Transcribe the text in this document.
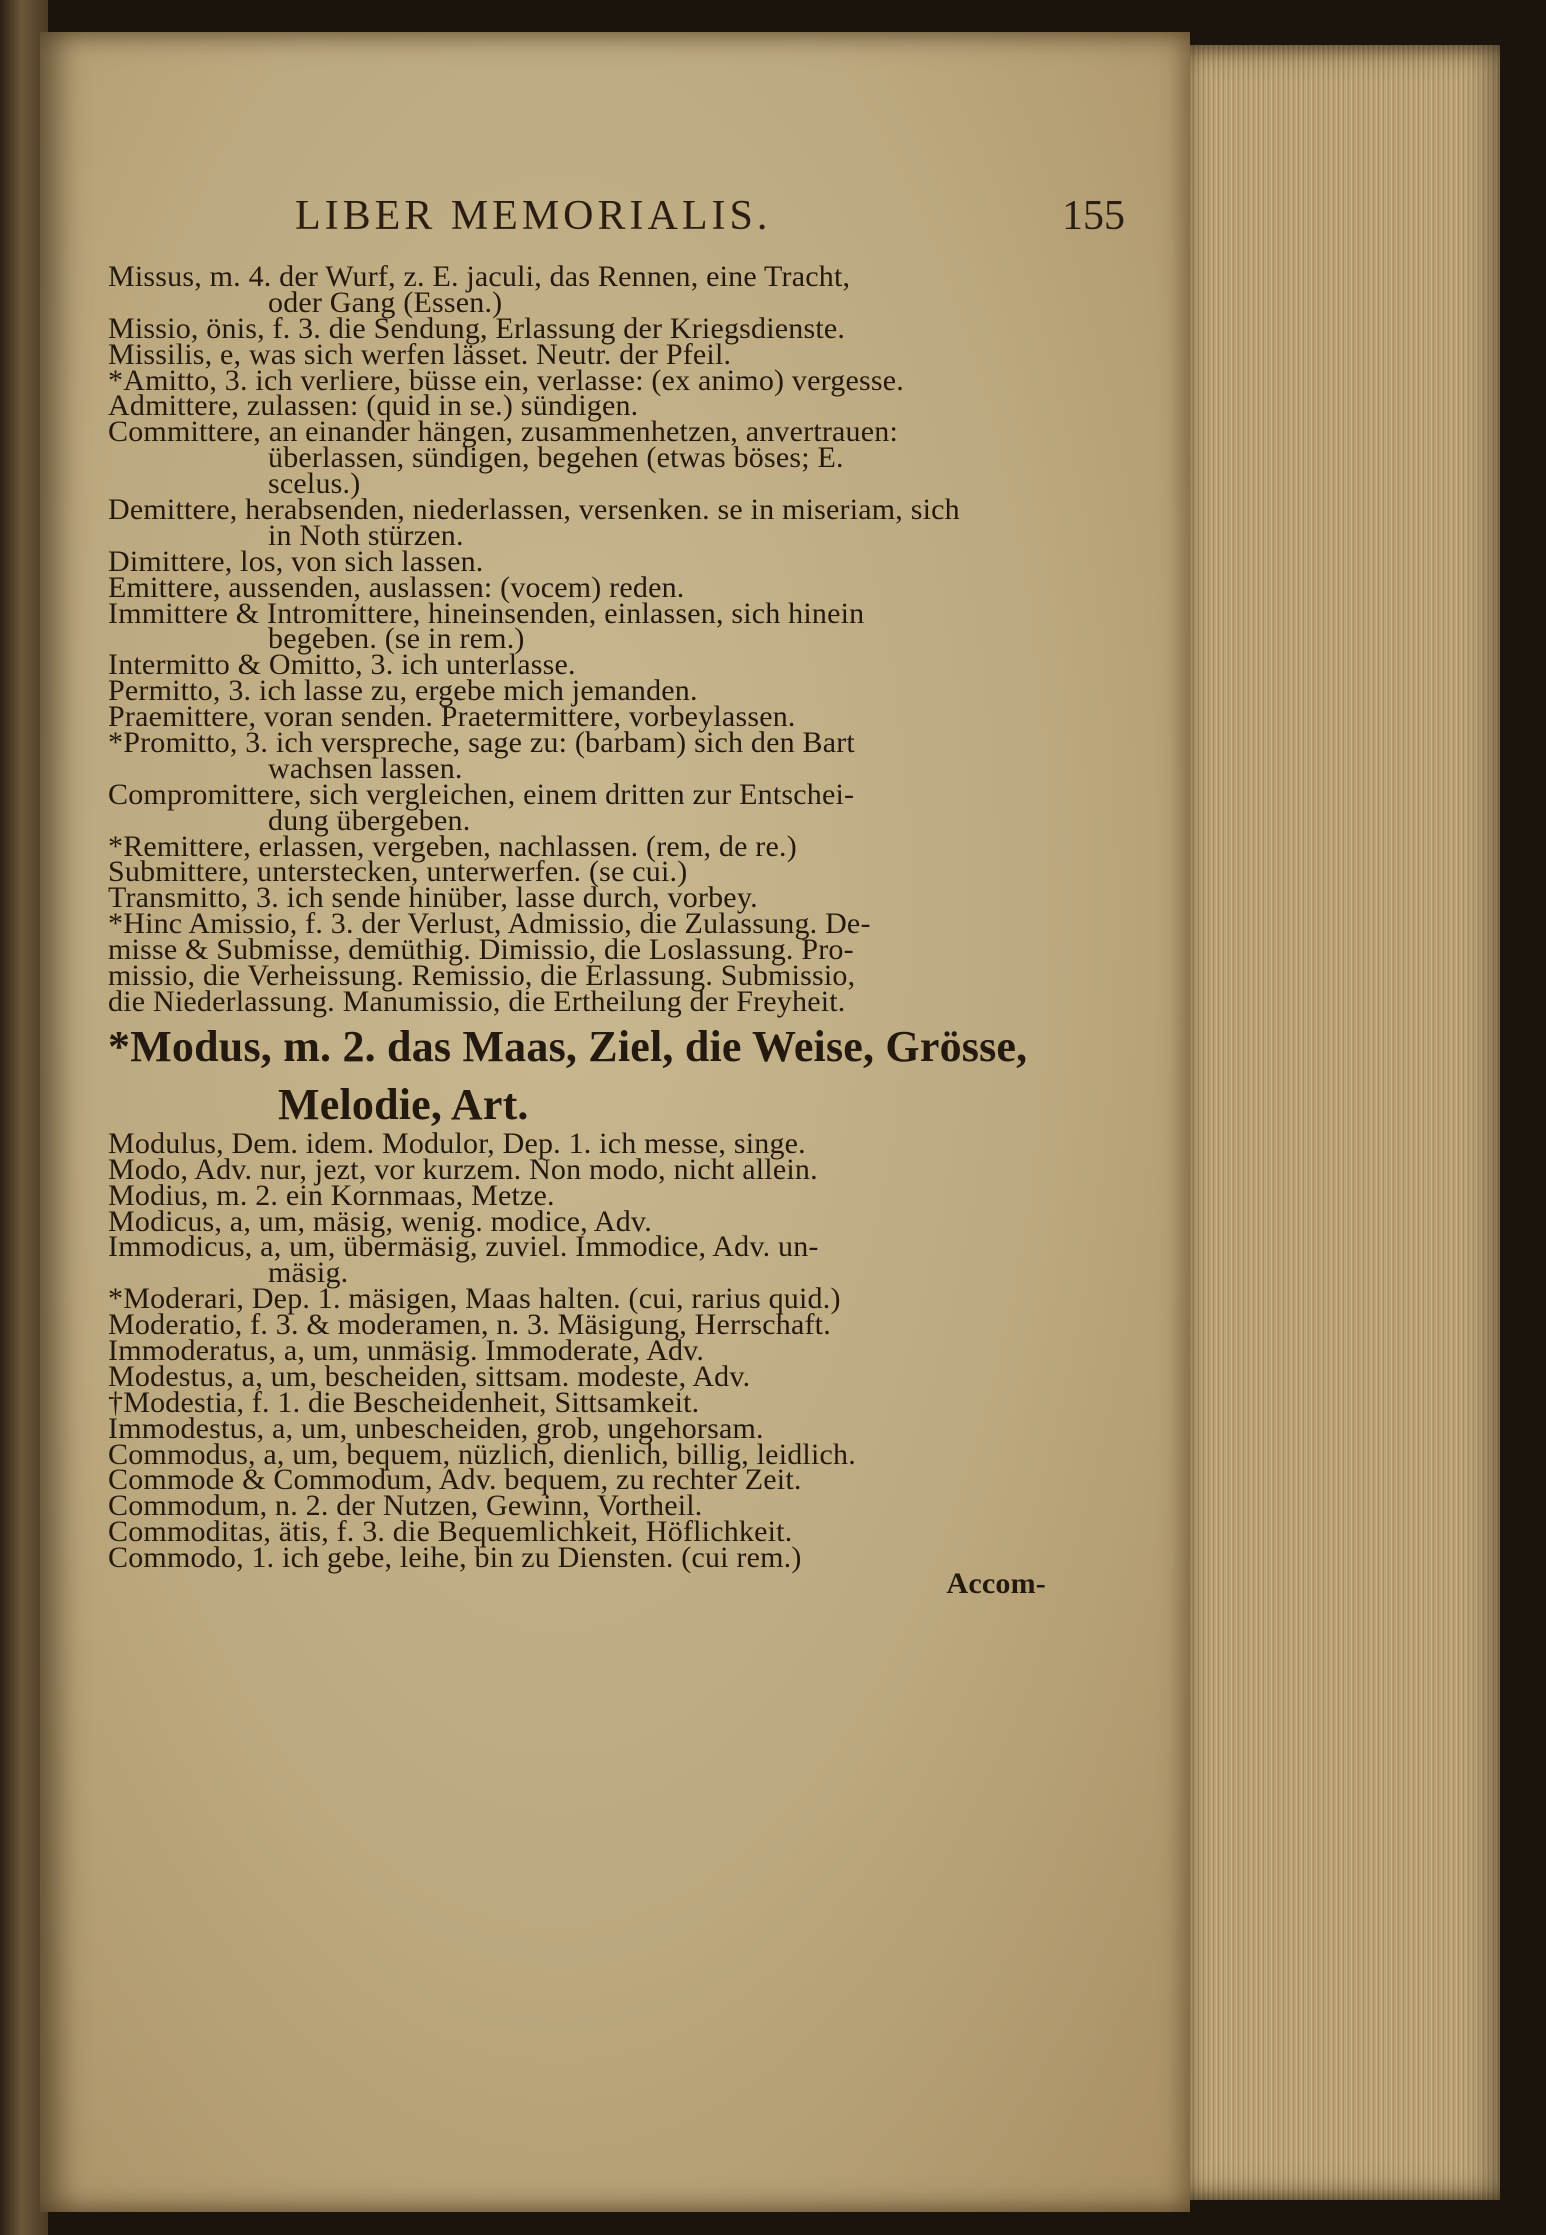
LIBER MEMORIALIS.	155
Missus, m. 4. der Wurf, z. E. jaculi, das Rennen, eine Tracht,
oder Gang (Essen.)
Missio, önis, f. 3. die Sendung, Erlassung der Kriegsdienste.
Missilis, e, was sich werfen lässet. Neutr. der Pfeil.
*Amitto, 3. ich verliere, büsse ein, verlasse: (ex animo) vergesse.
Admittere, zulassen: (quid in se.) sündigen.
Committere, an einander hängen, zusammenhetzen, anvertrauen:
überlassen, sündigen, begehen (etwas böses; E.
scelus.)
Demittere, herabsenden, niederlassen, versenken. se in miseriam, sich
in Noth stürzen.
Dimittere, los, von sich lassen.
Emittere, aussenden, auslassen: (vocem) reden.
Immittere & Intromittere, hineinsenden, einlassen, sich hinein
begeben. (se in rem.)
Intermitto & Omitto, 3. ich unterlasse.
Permitto, 3. ich lasse zu, ergebe mich jemanden.
Praemittere, voran senden. Praetermittere, vorbeylassen.
*Promitto, 3. ich verspreche, sage zu: (barbam) sich den Bart
wachsen lassen.
Compromittere, sich vergleichen, einem dritten zur Entschei-
dung übergeben.
*Remittere, erlassen, vergeben, nachlassen. (rem, de re.)
Submittere, unterstecken, unterwerfen. (se cui.)
Transmitto, 3. ich sende hinüber, lasse durch, vorbey.
*Hinc Amissio, f. 3. der Verlust, Admissio, die Zulassung. De-
misse & Submisse, demüthig. Dimissio, die Loslassung. Pro-
missio, die Verheissung. Remissio, die Erlassung. Submissio,
die Niederlassung. Manumissio, die Ertheilung der Freyheit.
*Modus, m. 2. das Maas, Ziel, die Weise, Grösse,
Melodie, Art.
Modulus, Dem. idem. Modulor, Dep. 1. ich messe, singe.
Modo, Adv. nur, jezt, vor kurzem. Non modo, nicht allein.
Modius, m. 2. ein Kornmaas, Metze.
Modicus, a, um, mäsig, wenig. modice, Adv.
Immodicus, a, um, übermäsig, zuviel. Immodice, Adv. un-
mäsig.
*Moderari, Dep. 1. mäsigen, Maas halten. (cui, rarius quid.)
Moderatio, f. 3. & moderamen, n. 3. Mäsigung, Herrschaft.
Immoderatus, a, um, unmäsig. Immoderate, Adv.
Modestus, a, um, bescheiden, sittsam. modeste, Adv.
†Modestia, f. 1. die Bescheidenheit, Sittsamkeit.
Immodestus, a, um, unbescheiden, grob, ungehorsam.
Commodus, a, um, bequem, nüzlich, dienlich, billig, leidlich.
Commode & Commodum, Adv. bequem, zu rechter Zeit.
Commodum, n. 2. der Nutzen, Gewinn, Vortheil.
Commoditas, ätis, f. 3. die Bequemlichkeit, Höflichkeit.
Commodo, 1. ich gebe, leihe, bin zu Diensten. (cui rem.)
Accom-
